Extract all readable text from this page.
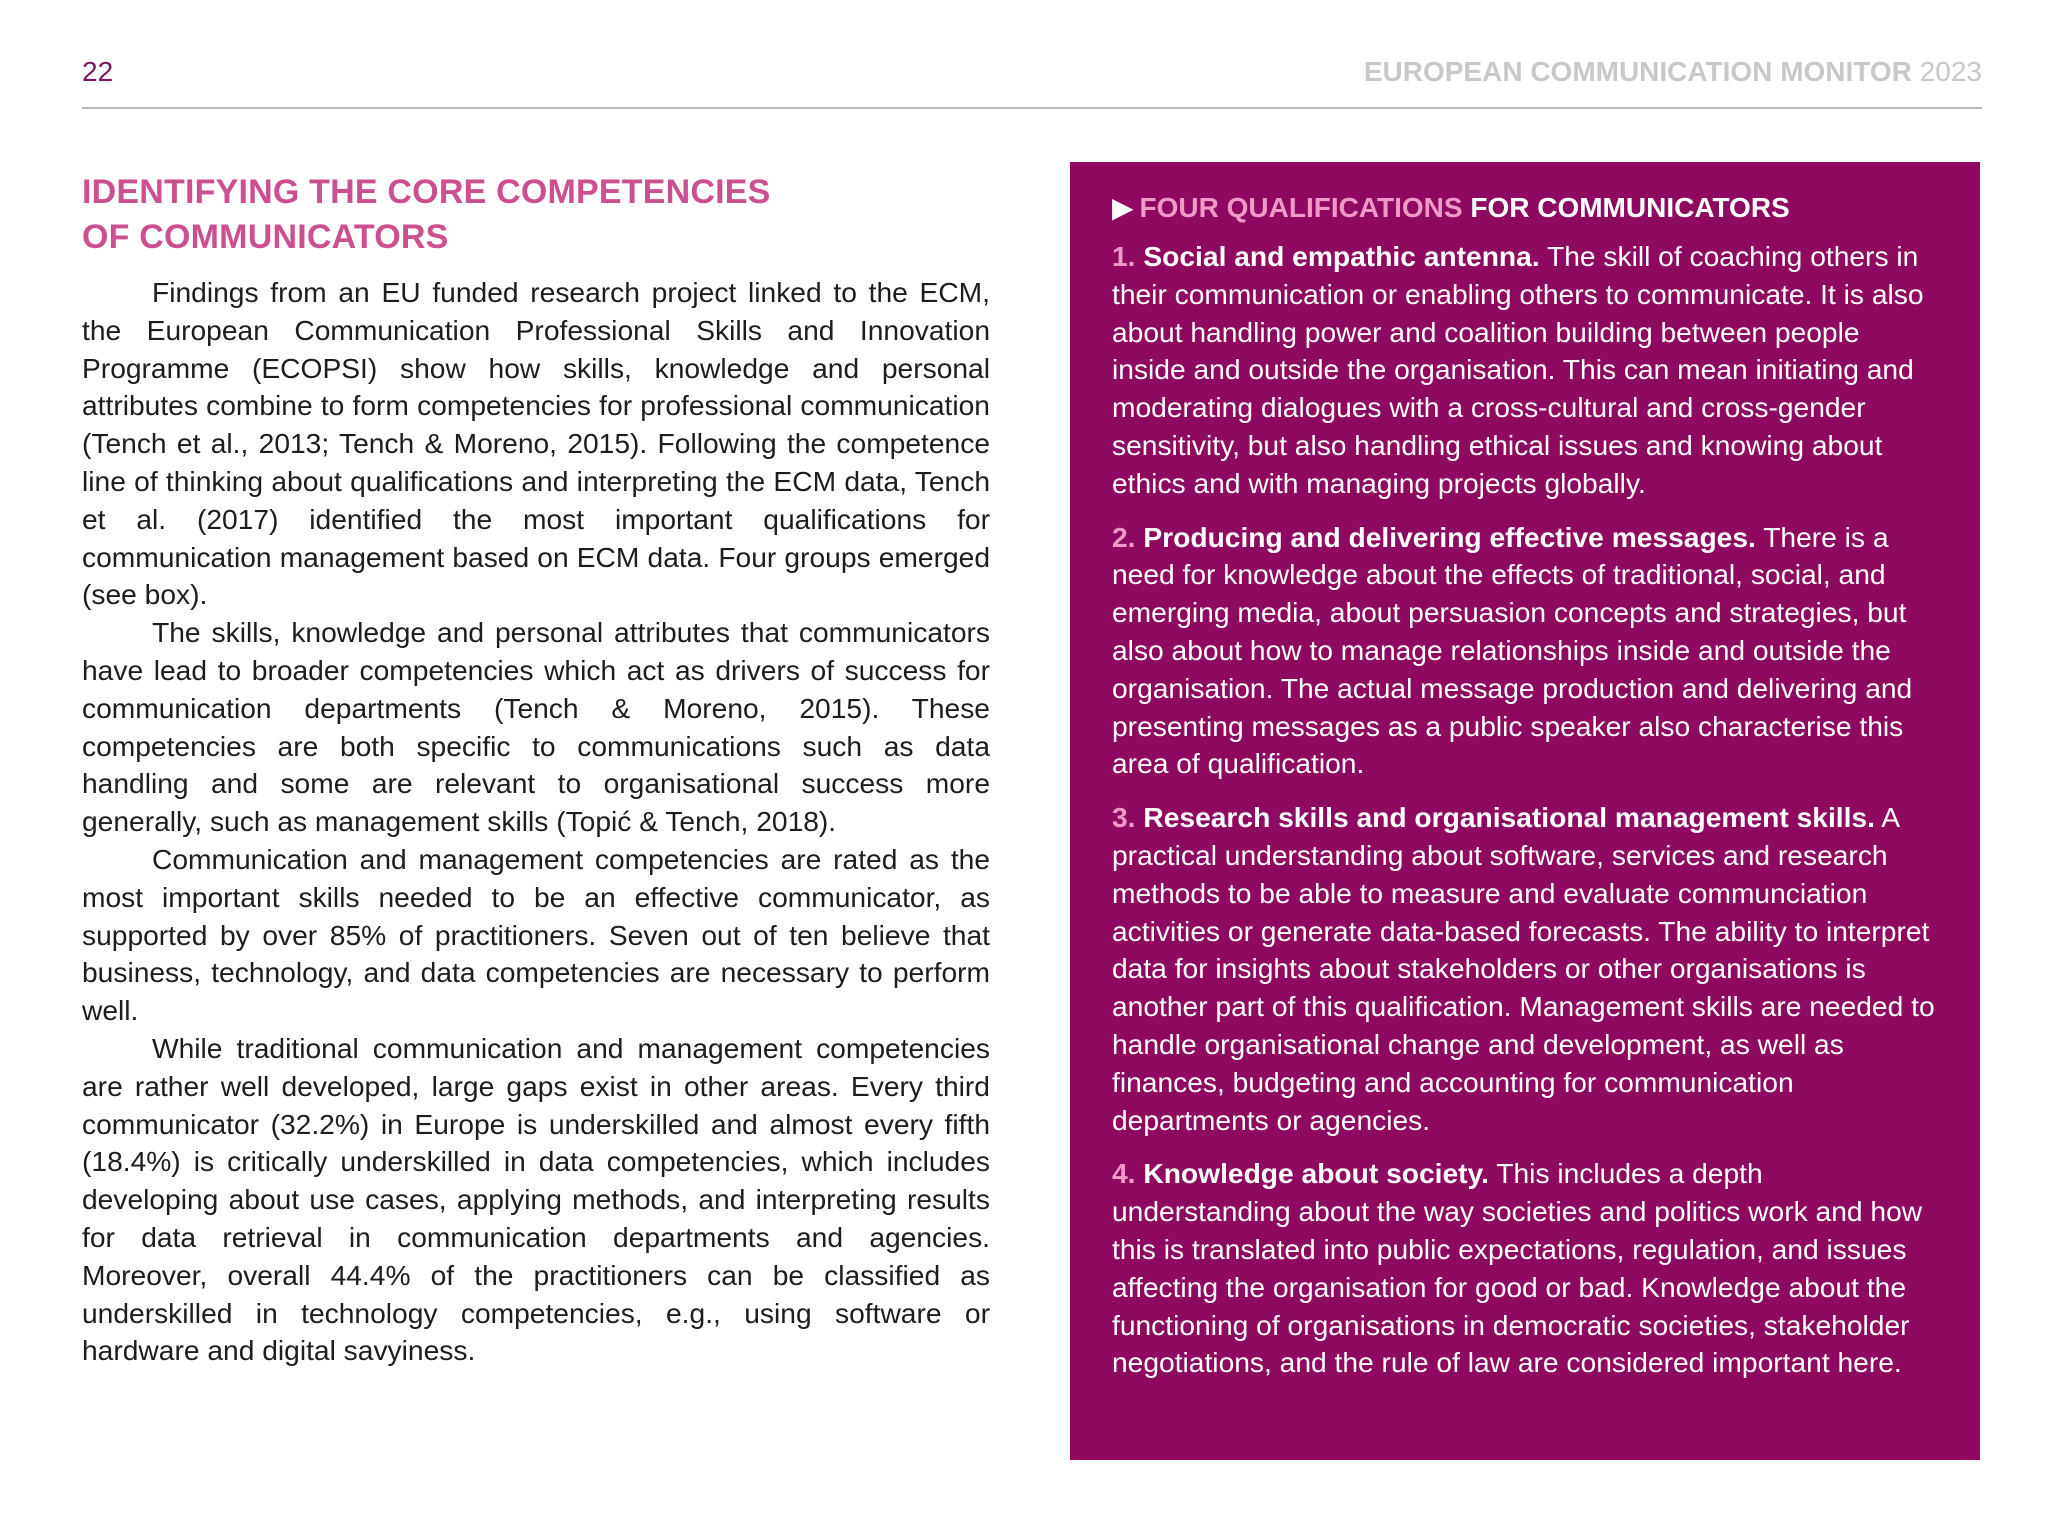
22	EUROPEAN COMMUNICATION MONITOR 2023
IDENTIFYING THE CORE COMPETENCIES
OF COMMUNICATORS

Findings from an EU funded research project linked to the ECM, the European Communication Professional Skills and Innovation Programme (ECOPSI) show how skills, knowledge and personal attributes combine to form competencies for professional communication (Tench et al., 2013; Tench & Moreno, 2015). Following the competence line of thinking about qualifications and interpreting the ECM data, Tench et al. (2017) identified the most important qualifications for communication management based on ECM data. Four groups emerged (see box).

The skills, knowledge and personal attributes that communicators have lead to broader competencies which act as drivers of success for communication departments (Tench & Moreno, 2015). These competencies are both specific to communications such as data handling and some are relevant to organisational success more generally, such as management skills (Topić & Tench, 2018).

Communication and management competencies are rated as the most important skills needed to be an effective communicator, as supported by over 85% of practitioners. Seven out of ten believe that business, technology, and data competencies are necessary to perform well.

While traditional communication and management competencies are rather well developed, large gaps exist in other areas. Every third communicator (32.2%) in Europe is underskilled and almost every fifth (18.4%) is critically underskilled in data competencies, which includes developing about use cases, applying methods, and interpreting results for data retrieval in communication departments and agencies. Moreover, overall 44.4% of the practitioners can be classified as underskilled in technology competencies, e.g., using software or hardware and digital savyiness.

▶ FOUR QUALIFICATIONS FOR COMMUNICATORS

1. Social and empathic antenna. The skill of coaching others in their communication or enabling others to communicate. It is also about handling power and coalition building between people inside and outside the organisation. This can mean initiating and moderating dialogues with a cross-cultural and cross-gender sensitivity, but also handling ethical issues and knowing about ethics and with managing projects globally.

2. Producing and delivering effective messages. There is a need for knowledge about the effects of traditional, social, and emerging media, about persuasion concepts and strategies, but also about how to manage relationships inside and outside the organisation. The actual message production and delivering and presenting messages as a public speaker also characterise this area of qualification.

3. Research skills and organisational management skills. A practical understanding about software, services and research methods to be able to measure and evaluate communciation activities or generate data-based forecasts. The ability to interpret data for insights about stakeholders or other organisations is another part of this qualification. Management skills are needed to handle organisational change and development, as well as finances, budgeting and accounting for communication departments or agencies.

4. Knowledge about society. This includes a depth understanding about the way societies and politics work and how this is translated into public expectations, regulation, and issues affecting the organisation for good or bad. Knowledge about the functioning of organisations in democratic societies, stakeholder negotiations, and the rule of law are considered important here.
